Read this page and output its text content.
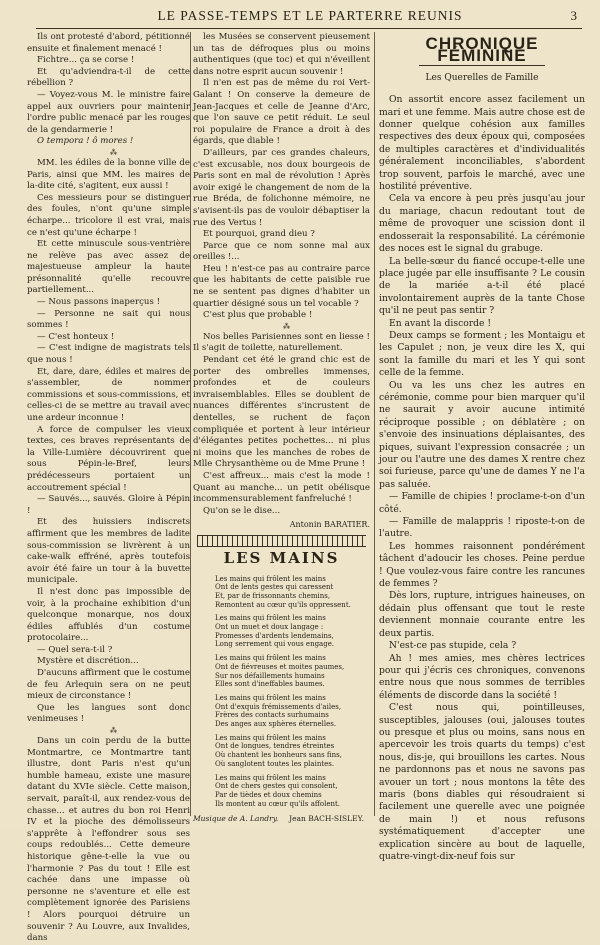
LE PASSE-TEMPS ET LE PARTERRE REUNIS	3

Ils ont protesté d'abord, pétitionné ensuite et finalement menacé !

Fichtre... ça se corse !

Et qu'adviendra-t-il de cette rébellion ?

— Voyez-vous M. le ministre faire appel aux ouvriers pour maintenir l'ordre public menacé par les rouges de la gendarmerie !

O tempora ! ô mores !

⁂

MM. les édiles de la bonne ville de Paris, ainsi que MM. les maires de la-dite cité, s'agitent, eux aussi !

Ces messieurs pour se distinguer des foules, n'ont qu'une simple écharpe... tricolore il est vrai, mais ce n'est qu'une écharpe !

Et cette minuscule sous-ventrière ne relève pas avec assez de majestueuse ampleur la haute présonnalité qu'elle recouvre partiellement...

— Nous passons inaperçus !

— Personne ne sait qui nous sommes !

— C'est honteux !

— C'est indigne de magistrats tels que nous !

Et, dare, dare, édiles et maires de s'assembler, de nommer commissions et sous-commissions, et celles-ci de se mettre au travail avec une ardeur inconnue !

A force de compulser les vieux textes, ces braves représentants de la Ville-Lumière découvrirent que sous Pépin-le-Bref, leurs prédécesseurs portaient un accoutrement spécial !

— Sauvés..., sauvés. Gloire à Pépin !

Et des huissiers indiscrets affirment que les membres de ladite sous-commission se livrèrent à un cake-walk effréné, après toutefois avoir été faire un tour à la buvette municipale.

Il n'est donc pas impossible de voir, à la prochaine exhibition d'un quelconque monarque, nos doux édiles affublés d'un costume protocolaire...

— Quel sera-t-il ?

Mystère et discrétion...

D'aucuns affirment que le costume de feu Arlequin sera on ne peut mieux de circonstance !

Que les langues sont donc venimeuses !

⁂

Dans un coin perdu de la butte Montmartre, ce Montmartre tant illustre, dont Paris n'est qu'un humble hameau, existe une masure datant du XVIe siècle. Cette maison, servait, paraît-il, aux rendez-vous de chasse... et autres du bon roi Henri IV et la pioche des démolisseurs s'apprête à l'effondrer sous ses coups redoublés... Cette demeure historique gêne-t-elle la vue ou l'harmonie ? Pas du tout ! Elle est cachée dans une impasse où personne ne s'aventure et elle est complètement ignorée des Parisiens ! Alors pourquoi détruire un souvenir ? Au Louvre, aux Invalides, dans

les Musées se conservent pieusement un tas de défroques plus ou moins authentiques (que toc) et qui n'éveillent dans notre esprit aucun souvenir !

Il n'en est pas de même du roi Vert-Galant ! On conserve la demeure de Jean-Jacques et celle de Jeanne d'Arc, que l'on sauve ce petit réduit. Le seul roi populaire de France a droit à des égards, que diable !

D'ailleurs, par ces grandes chaleurs, c'est excusable, nos doux bourgeois de Paris sont en mal de révolution ! Après avoir exigé le changement de nom de la rue Bréda, de folichonne mémoire, ne s'avisent-ils pas de vouloir débaptiser la rue des Vertus !

Et pourquoi, grand dieu ?

Parce que ce nom sonne mal aux oreilles !...

Heu ! n'est-ce pas au contraire parce que les habitants de cette paisible rue ne se sentent pas dignes d'habiter un quartier désigné sous un tel vocable ?

C'est plus que probable !

⁂

Nos belles Parisiennes sont en liesse ! Il s'agit de toilette, naturellement.

Pendant cet été le grand chic est de porter des ombrelles immenses, profondes et de couleurs invraisemblables. Elles se doublent de nuances différentes s'incrustent de dentelles, se ruchent de façon compliquée et portent à leur intérieur d'élégantes petites pochettes... ni plus ni moins que les manches de robes de Mlle Chrysanthème ou de Mme Prune !

C'est affreux... mais c'est la mode ! Quant au manche... un petit obélisque incommensurablement fanfreluché !

Qu'on se le dise...

Antonin BARATIER.
LES MAINS
Les mains qui frôlent les mains
Ont de lents gestes qui caressent
Et, par de frissonnants chemins,
Remontent au cœur qu'ils oppressent.
Les mains qui frôlent les mains
Ont un muet et doux langage :
Promesses d'ardents lendemains,
Long serrement qui vous engage.
Les mains qui frôlent les mains
Ont de fiévreuses et moites paumes,
Sur nos défaillements humains
Elles sont d'ineffables baumes.
Les mains qui frôlent les mains
Ont d'exquis frémissements d'ailes,
Frères des contacts surhumains
Des anges aux sphères éternelles.
Les mains qui frôlent les mains
Ont de longues, tendres étreintes
Où chantent les bonheurs sans fins,
Où sanglotent toutes les plaintes.
Les mains qui frôlent les mains
Ont de chers gestes qui consolent,
Par de tièdes et doux chemins
Ils montent au cœur qu'ils affolent.
Musique de A. Landry. Jean BACH-SISLEY.
CHRONIQUE FÉMININE
Les Querelles de Famille

On assortit encore assez facilement un mari et une femme. Mais autre chose est de donner quelque cohésion aux familles respectives des deux époux qui, composées de multiples caractères et d'individualités généralement inconciliables, s'abordent trop souvent, parfois le marché, avec une hostilité préventive.

Cela va encore à peu près jusqu'au jour du mariage, chacun redoutant tout de même de provoquer une scission dont il endosserait la responsabilité. La cérémonie des noces est le signal du grabuge.

La belle-sœur du fiancé occupe-t-elle une place jugée par elle insuffisante ? Le cousin de la mariée a-t-il été placé involontairement auprès de la tante Chose qu'il ne peut pas sentir ?

En avant la discorde !

Deux camps se forment ; les Montaigu et les Capulet ; non, je veux dire les X, qui sont la famille du mari et les Y qui sont celle de la femme.

Ou va les uns chez les autres en cérémonie, comme pour bien marquer qu'il ne saurait y avoir aucune intimité réciproque possible ; on déblatère ; on s'envoie des insinuations déplaisantes, des piques, suivant l'expression consacrée ; un jour ou l'autre une des dames X rentre chez soi furieuse, parce qu'une de dames Y ne l'a pas saluée.

— Famille de chipies ! proclame-t-on d'un côté.

— Famille de malappris ! riposte-t-on de l'autre.

Les hommes raisonnent pondérément tâchent d'adoucir les choses. Peine perdue ! Que voulez-vous faire contre les rancunes de femmes ?

Dès lors, rupture, intrigues haineuses, on dédain plus offensant que tout le reste deviennent monnaie courante entre les deux partis.

N'est-ce pas stupide, cela ?

Ah ! mes amies, mes chères lectrices pour qui j'écris ces chroniques, convenons entre nous que nous sommes de terribles éléments de discorde dans la société !

C'est nous qui, pointilleuses, susceptibles, jalouses (oui, jalouses toutes ou presque et plus ou moins, sans nous en apercevoir les trois quarts du temps) c'est nous, dis-je, qui brouillons les cartes. Nous ne pardonnons pas et nous ne savons pas avouer un tort ; nous montons la tête des maris (bons diables qui résoudraient si facilement une querelle avec une poignée de main !) et nous refusons systématiquement d'accepter une explication sincère au bout de laquelle, quatre-vingt-dix-neuf fois sur
